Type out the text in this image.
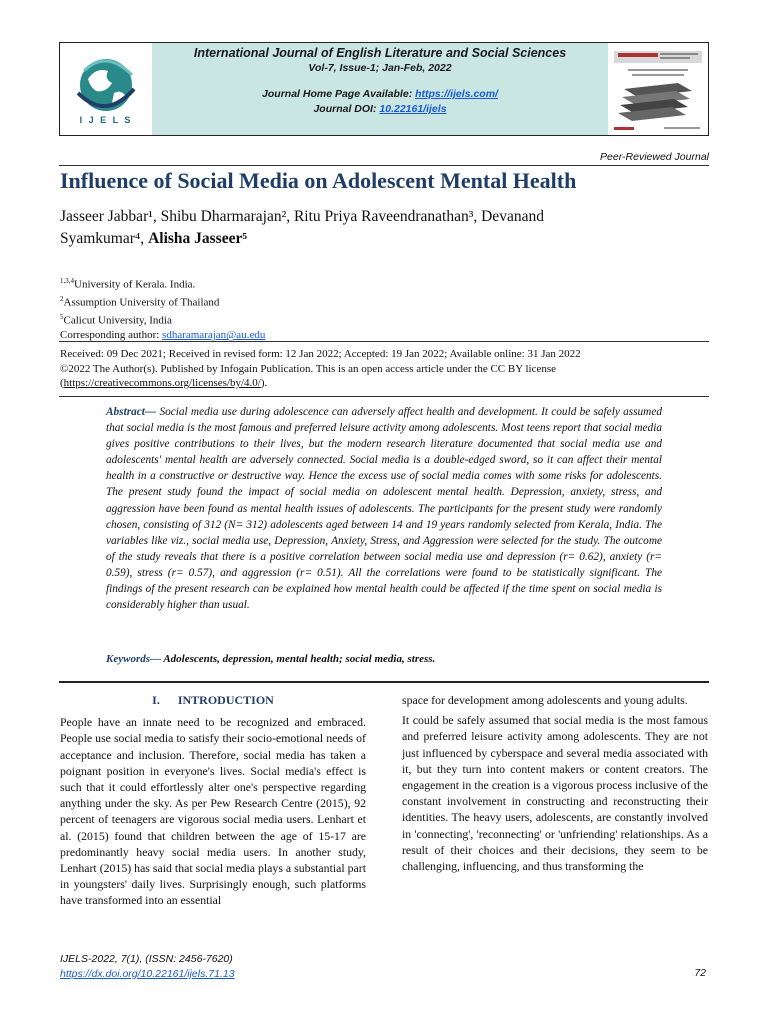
I J E L S
International Journal of English Literature and Social Sciences
Vol-7, Issue-1; Jan-Feb, 2022
Journal Home Page Available: https://ijels.com/
Journal DOI: 10.22161/ijels
Peer-Reviewed Journal
Influence of Social Media on Adolescent Mental Health
Jasseer Jabbar¹, Shibu Dharmarajan², Ritu Priya Raveendranathan³, Devanand
Syamkumar⁴, Alisha Jasseer⁵
$^{1,3,4}$University of Kerala. India.
$^2$Assumption University of Thailand
$^5$Calicut University, India
Corresponding author: sdharamarajan@au.edu
Received: 09 Dec 2021; Received in revised form: 12 Jan 2022; Accepted: 19 Jan 2022; Available online: 31 Jan 2022
©2022 The Author(s). Published by Infogain Publication. This is an open access article under the CC BY license
(https://creativecommons.org/licenses/by/4.0/).
Abstract— Social media use during adolescence can adversely affect health and development. It could be safely assumed that social media is the most famous and preferred leisure activity among adolescents. Most teens report that social media gives positive contributions to their lives, but the modern research literature documented that social media use and adolescents' mental health are adversely connected. Social media is a double-edged sword, so it can affect their mental health in a constructive or destructive way. Hence the excess use of social media comes with some risks for adolescents. The present study found the impact of social media on adolescent mental health. Depression, anxiety, stress, and aggression have been found as mental health issues of adolescents. The participants for the present study were randomly chosen, consisting of 312 (N= 312) adolescents aged between 14 and 19 years randomly selected from Kerala, India. The variables like viz., social media use, Depression, Anxiety, Stress, and Aggression were selected for the study. The outcome of the study reveals that there is a positive correlation between social media use and depression (r= 0.62), anxiety (r= 0.59), stress (r= 0.57), and aggression (r= 0.51). All the correlations were found to be statistically significant. The findings of the present research can be explained how mental health could be affected if the time spent on social media is considerably higher than usual.
Keywords— Adolescents, depression, mental health; social media, stress.
I. INTRODUCTION

People have an innate need to be recognized and embraced. People use social media to satisfy their socio-emotional needs of acceptance and inclusion. Therefore, social media has taken a poignant position in everyone's lives. Social media's effect is such that it could effortlessly alter one's perspective regarding anything under the sky. As per Pew Research Centre (2015), 92 percent of teenagers are vigorous social media users. Lenhart et al. (2015) found that children between the age of 15-17 are predominantly heavy social media users. In another study, Lenhart (2015) has said that social media plays a substantial part in youngsters' daily lives. Surprisingly enough, such platforms have transformed into an essential

space for development among adolescents and young adults.

It could be safely assumed that social media is the most famous and preferred leisure activity among adolescents. They are not just influenced by cyberspace and several media associated with it, but they turn into content makers or content creators. The engagement in the creation is a vigorous process inclusive of the constant involvement in constructing and reconstructing their identities. The heavy users, adolescents, are constantly involved in 'connecting', 'reconnecting' or 'unfriending' relationships. As a result of their choices and their decisions, they seem to be challenging, influencing, and thus transforming the

IJELS-2022, 7(1), (ISSN: 2456-7620)
https://dx.doi.org/10.22161/ijels.71.13	72
